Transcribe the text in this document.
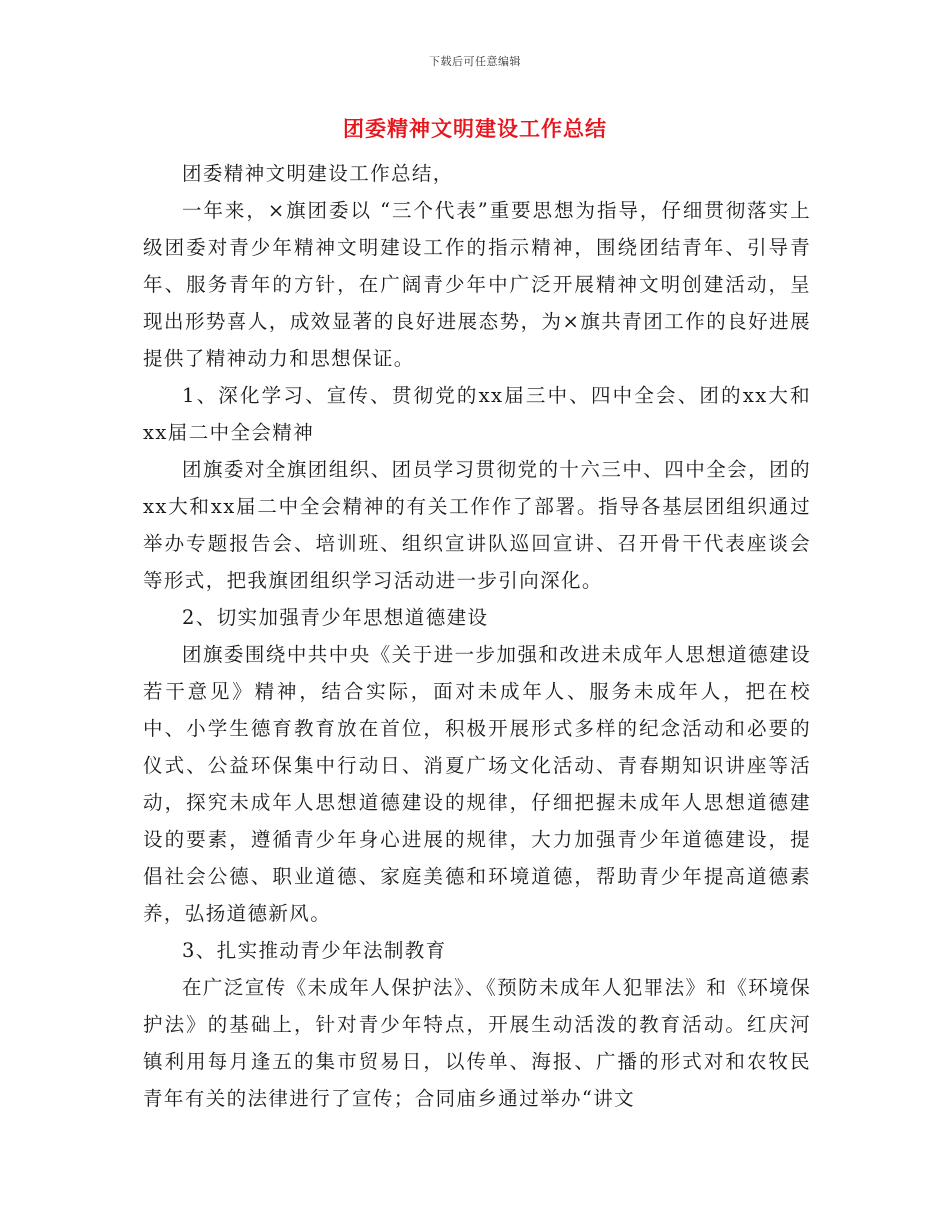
下载后可任意编辑
团委精神文明建设工作总结

团委精神文明建设工作总结，

一年来，×旗团委以 “三个代表”重要思想为指导，仔细贯彻落实上级团委对青少年精神文明建设工作的指示精神，围绕团结青年、引导青年、服务青年的方针，在广阔青少年中广泛开展精神文明创建活动，呈现出形势喜人，成效显著的良好进展态势，为×旗共青团工作的良好进展提供了精神动力和思想保证。

1、深化学习、宣传、贯彻党的xx届三中、四中全会、团的xx大和xx届二中全会精神

团旗委对全旗团组织、团员学习贯彻党的十六三中、四中全会，团的xx大和xx届二中全会精神的有关工作作了部署。指导各基层团组织通过举办专题报告会、培训班、组织宣讲队巡回宣讲、召开骨干代表座谈会等形式，把我旗团组织学习活动进一步引向深化。

2、切实加强青少年思想道德建设

团旗委围绕中共中央《关于进一步加强和改进未成年人思想道德建设若干意见》精神，结合实际，面对未成年人、服务未成年人，把在校中、小学生德育教育放在首位，积极开展形式多样的纪念活动和必要的仪式、公益环保集中行动日、消夏广场文化活动、青春期知识讲座等活动，探究未成年人思想道德建设的规律，仔细把握未成年人思想道德建设的要素，遵循青少年身心进展的规律，大力加强青少年道德建设，提倡社会公德、职业道德、家庭美德和环境道德，帮助青少年提高道德素养，弘扬道德新风。

3、扎实推动青少年法制教育

在广泛宣传《未成年人保护法》、《预防未成年人犯罪法》和《环境保护法》的基础上，针对青少年特点，开展生动活泼的教育活动。红庆河镇利用每月逢五的集市贸易日，以传单、海报、广播的形式对和农牧民青年有关的法律进行了宣传；合同庙乡通过举办“讲文
